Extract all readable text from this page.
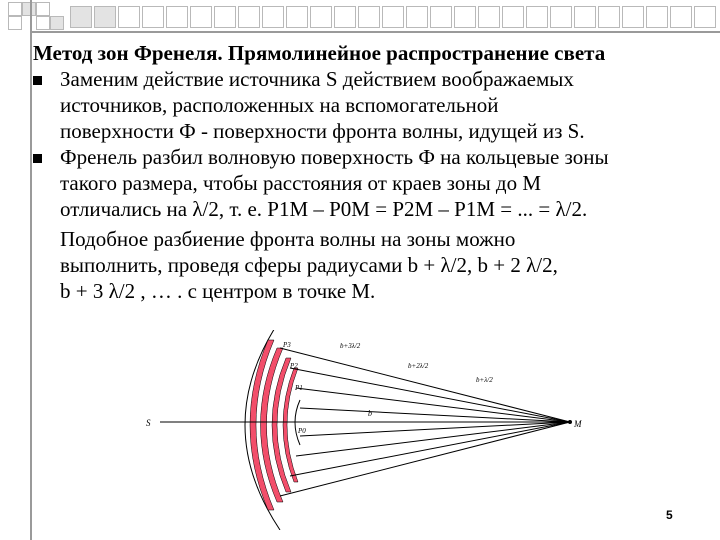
Метод зон Френеля. Прямолинейное распространение света
Заменим действие источника S действием воображаемых
источников, расположенных на вспомогательной
поверхности Ф - поверхности фронта волны, идущей из S.
Френель разбил волновую поверхность Ф на кольцевые зоны
такого размера, чтобы расстояния от краев зоны до M
отличались на λ/2, т. е. P1M – P0M = P2M – P1M = ... = λ/2.
Подобное разбиение фронта волны на зоны можно
выполнить, проведя сферы радиусами b + λ/2, b + 2 λ/2,
b + 3 λ/2 , … . с центром в точке M.
S	M
P3
P2
P1
P0
b
b+3λ/2
b+2λ/2
b+λ/2
5
